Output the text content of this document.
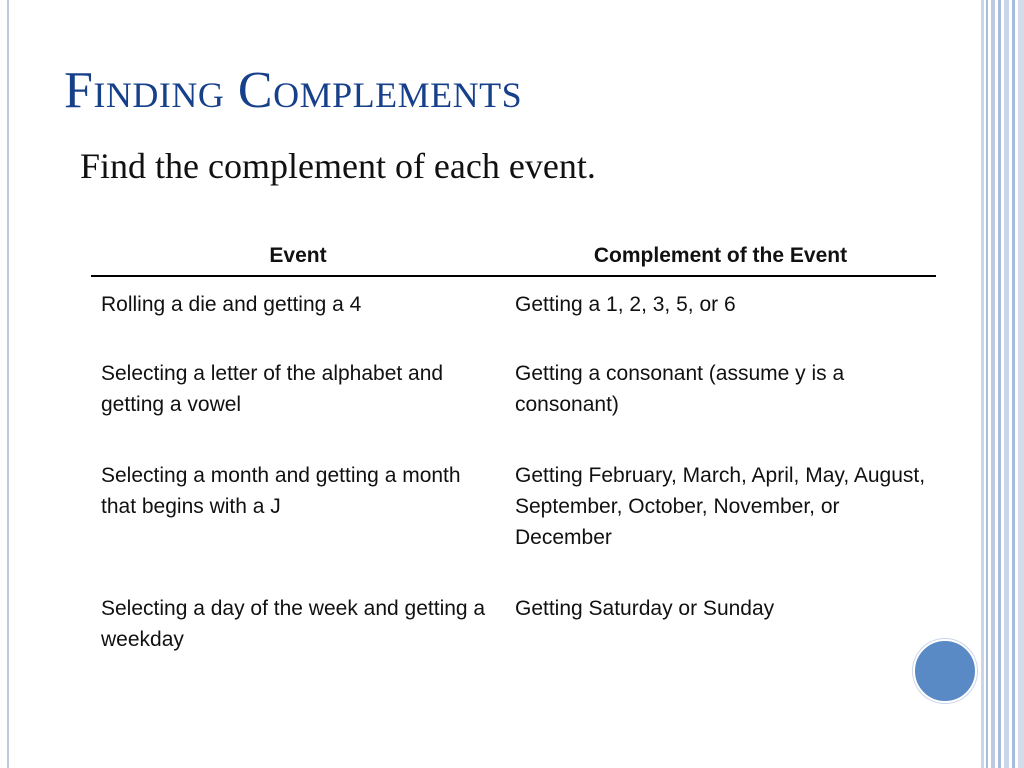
Finding Complements

Find the complement of each event.

Event	Complement of the Event
Rolling a die and getting a 4	Getting a 1, 2, 3, 5, or 6
Selecting a letter of the alphabet and getting a vowel	Getting a consonant (assume y is a consonant)
Selecting a month and getting a month that begins with a J	Getting February, March, April, May, August, September, October, November, or December
Selecting a day of the week and getting a weekday	Getting Saturday or Sunday
